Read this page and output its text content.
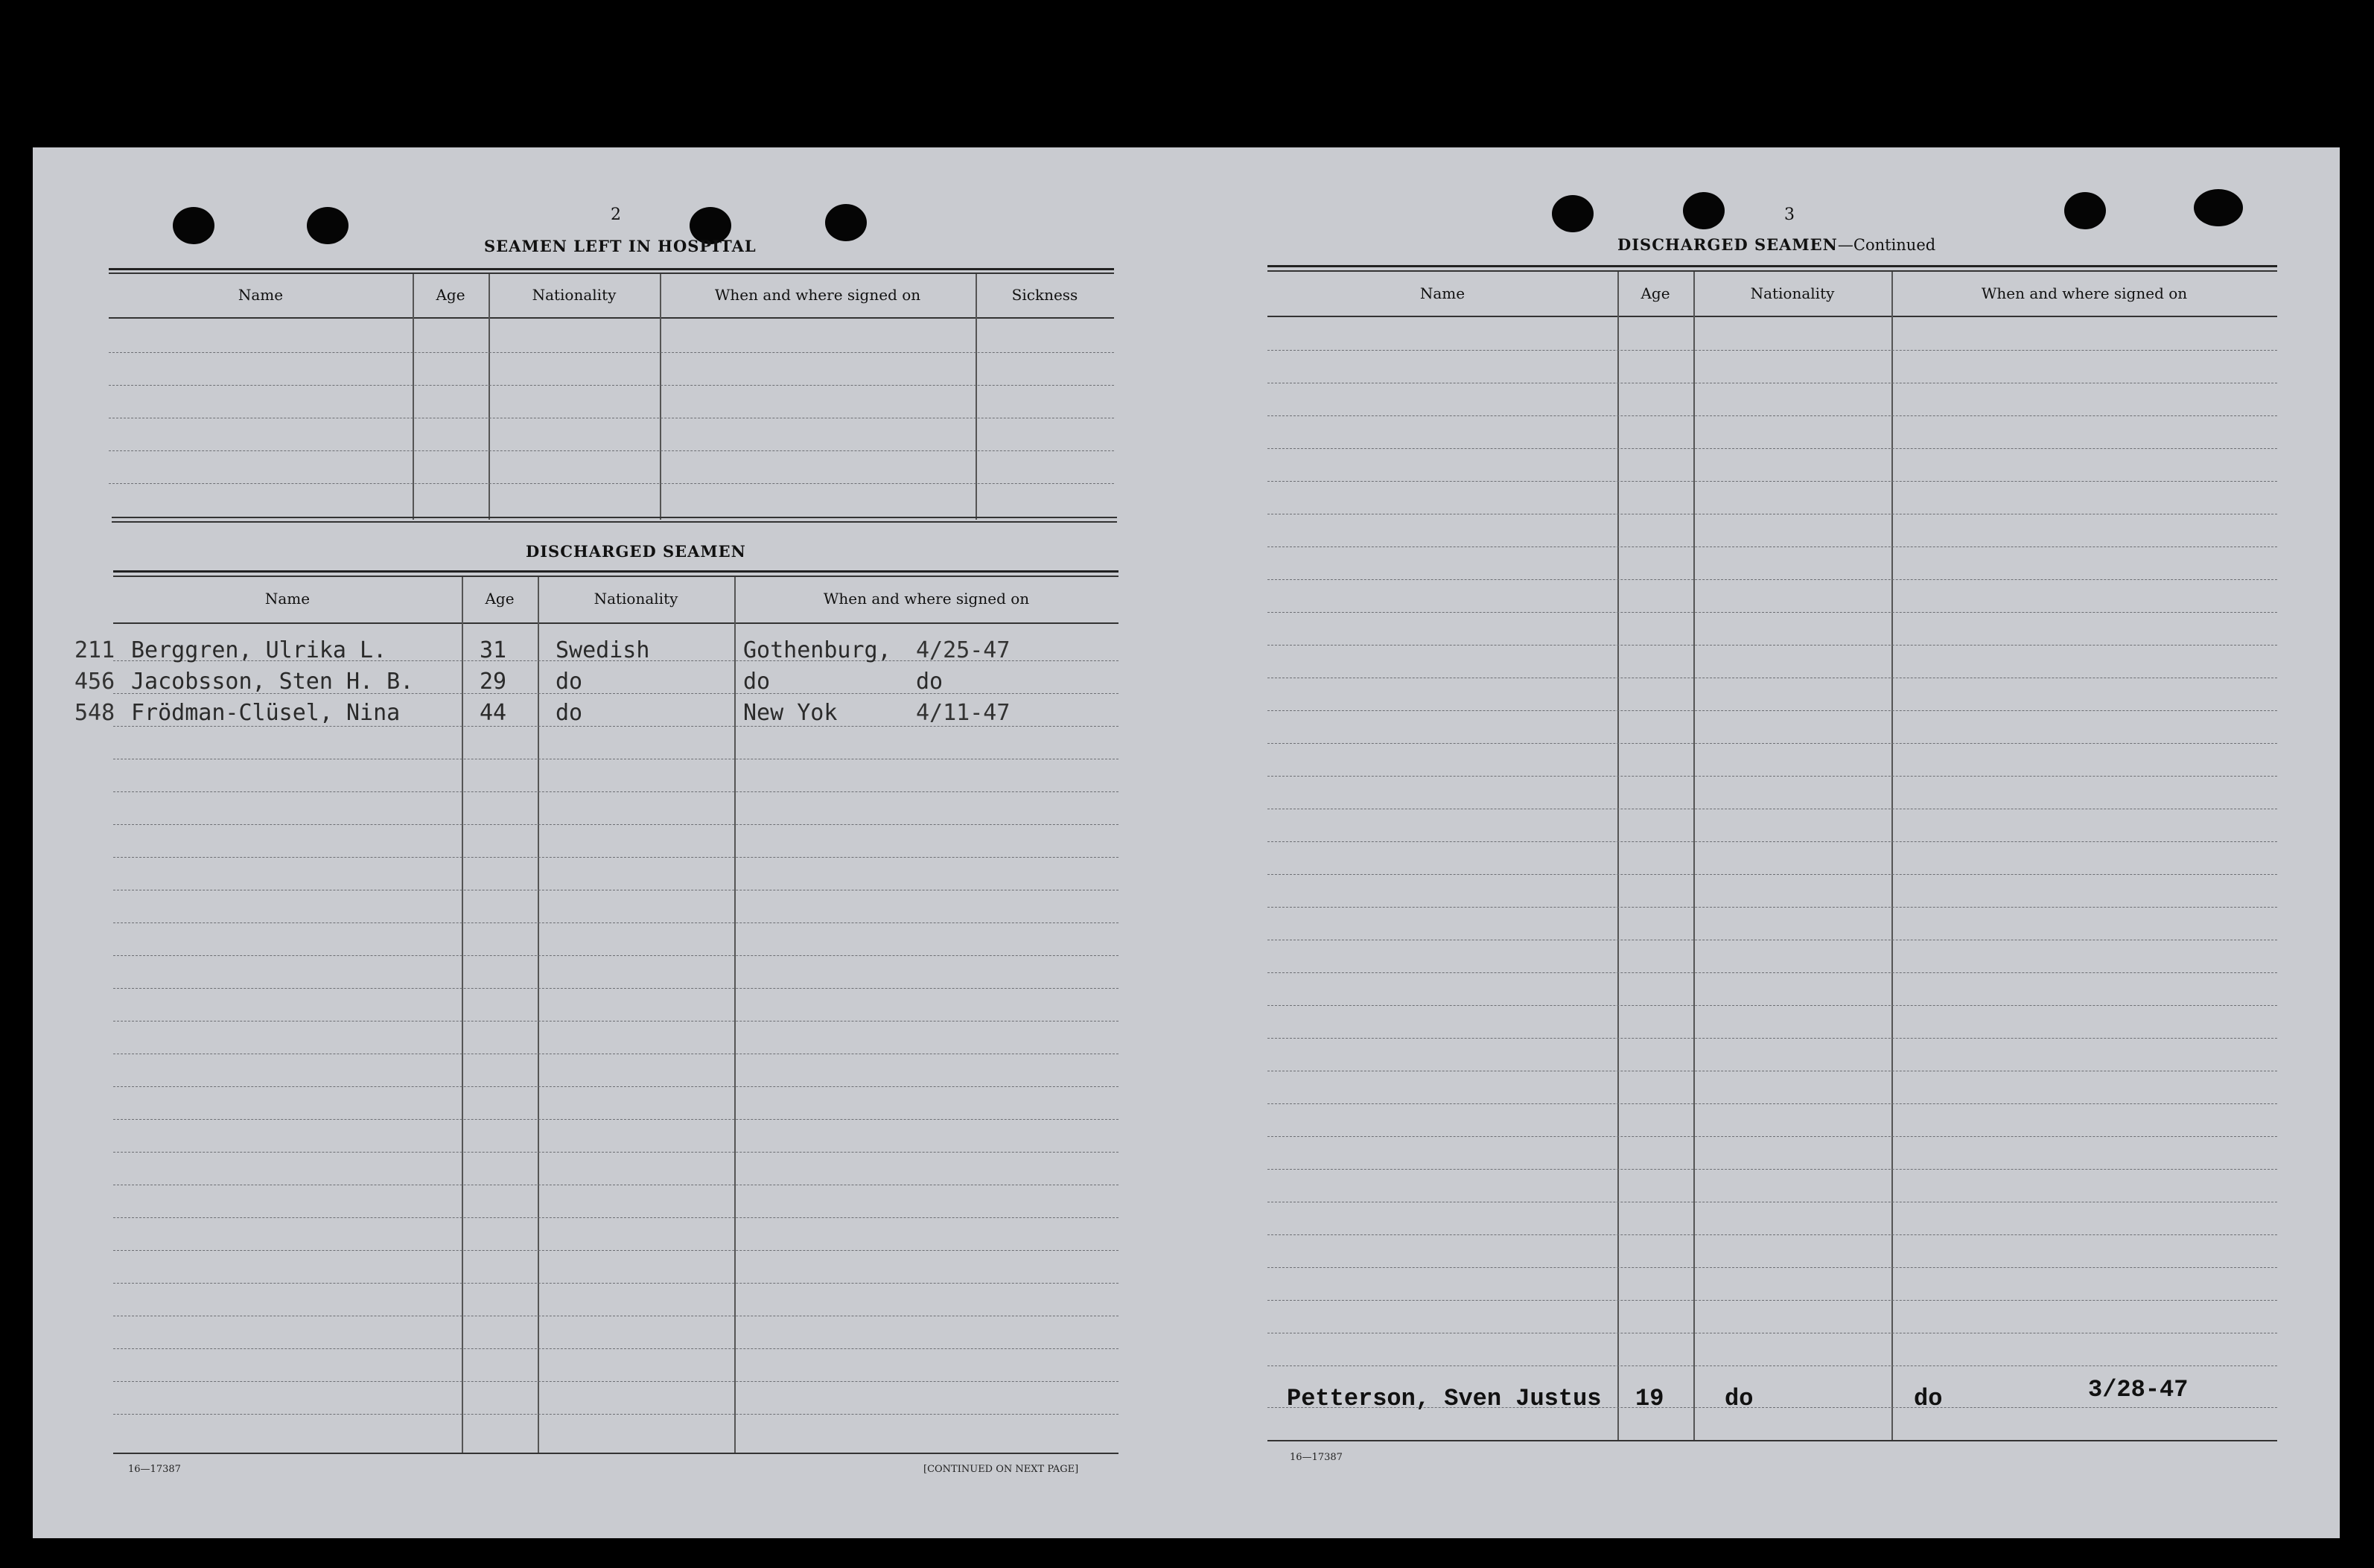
2
SEAMEN LEFT IN HOSPITAL
Name	Age	Nationality	When and where signed on	Sickness
DISCHARGED SEAMEN
Name	Age	Nationality	When and where signed on
211 Berggren, Ulrika L.	31 Swedish	Gothenburg, 4/25-47
456 Jacobsson, Sten H. B.	29 do	do	do
548 Frödman-Clüsel, Nina	44 do	New Yok	4/11-47
16—17387	[CONTINUED ON NEXT PAGE]
3
DISCHARGED SEAMEN—Continued
Name	Age	Nationality	When and where signed on
Petterson, Sven Justus 19	do	do	3/28-47
16—17387
